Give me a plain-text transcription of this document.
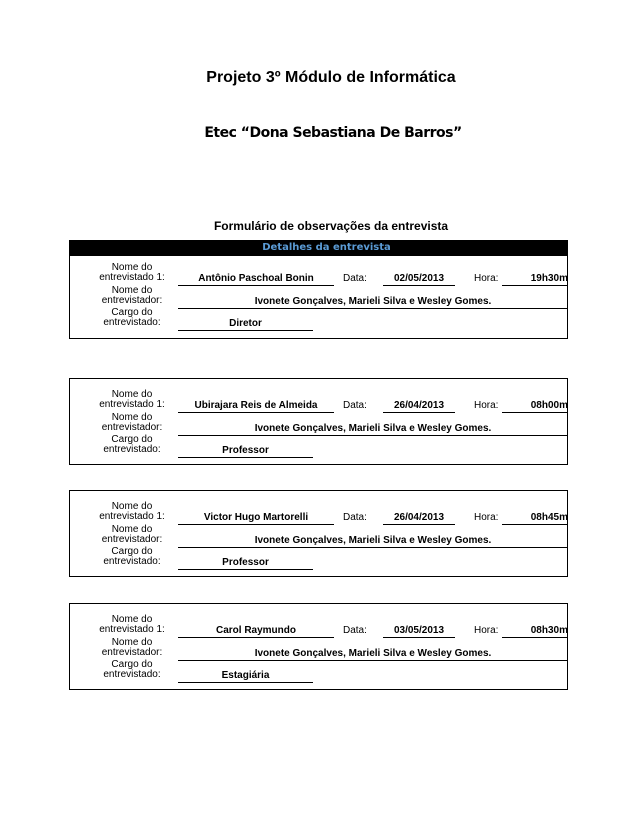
Projeto 3º Módulo de Informática
Etec “Dona Sebastiana De Barros”
Formulário de observações da entrevista
Detalhes da entrevista
Nome do
entrevistado 1:	Antônio Paschoal Bonin	Data:	02/05/2013	Hora:	19h30m
Nome do
entrevistador:	Ivonete Gonçalves, Marieli Silva e Wesley Gomes.
Cargo do
entrevistado:	Diretor
Nome do
entrevistado 1:	Ubirajara Reis de Almeida	Data:	26/04/2013	Hora:	08h00m
Nome do
entrevistador:	Ivonete Gonçalves, Marieli Silva e Wesley Gomes.
Cargo do
entrevistado:	Professor
Nome do
entrevistado 1:	Victor Hugo Martorelli	Data:	26/04/2013	Hora:	08h45m
Nome do
entrevistador:	Ivonete Gonçalves, Marieli Silva e Wesley Gomes.
Cargo do
entrevistado:	Professor
Nome do
entrevistado 1:	Carol Raymundo	Data:	03/05/2013	Hora:	08h30m
Nome do
entrevistador:	Ivonete Gonçalves, Marieli Silva e Wesley Gomes.
Cargo do
entrevistado:	Estagiária
